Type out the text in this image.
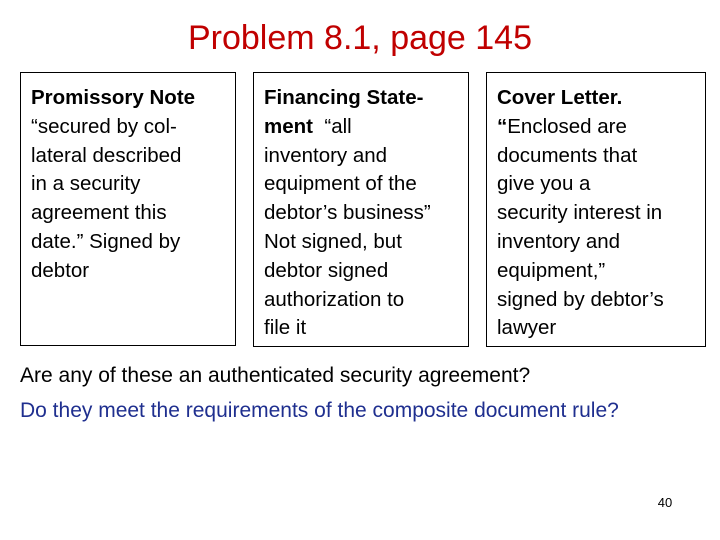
Problem 8.1, page 145
Promissory Note
“secured by col-
lateral described
in a security
agreement this
date.” Signed by
debtor
Financing State-
ment  “all
inventory and
equipment of the
debtor’s business”
Not signed, but
debtor signed
authorization to
file it
Cover Letter.
“Enclosed are
documents that
give you a
security interest in
inventory and
equipment,”
signed by debtor’s
lawyer
Are any of these an authenticated security agreement?
Do they meet the requirements of the composite document rule?
40
